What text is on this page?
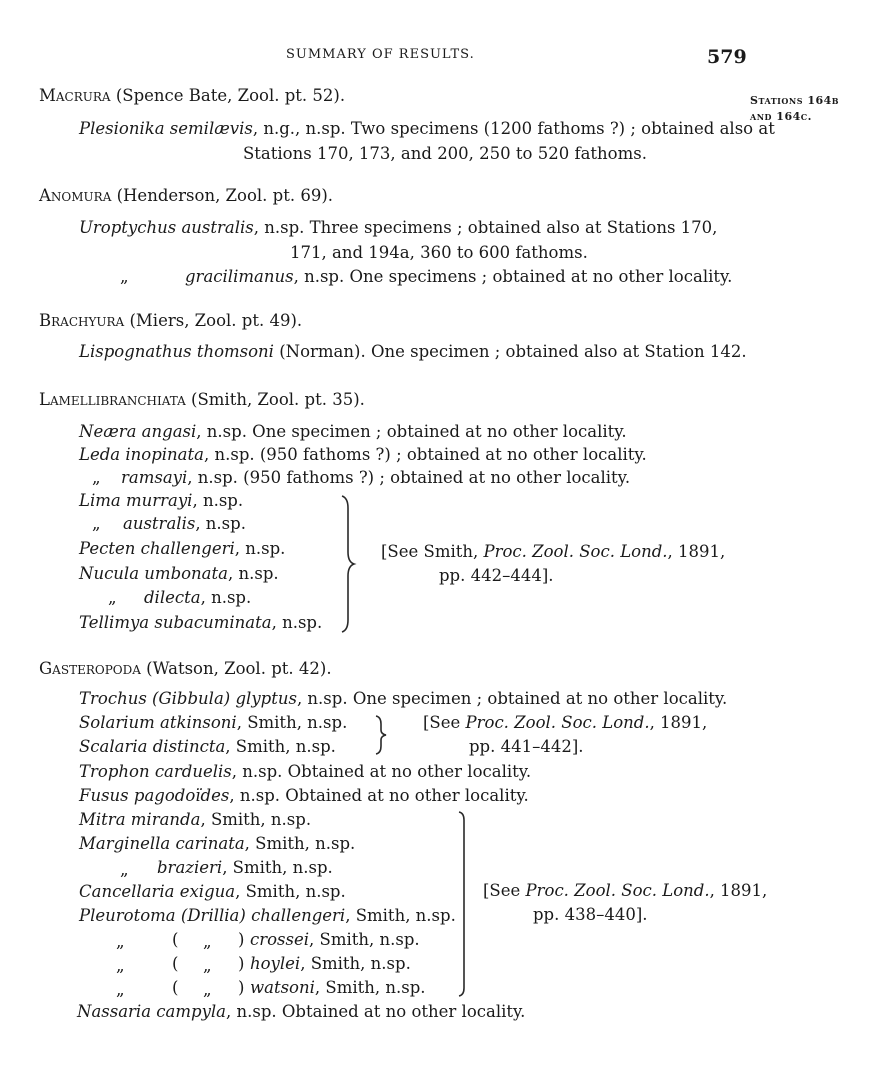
SUMMARY OF RESULTS.	579
Stations 164b
and 164c.
Macrura (Spence Bate, Zool. pt. 52).
Plesionika semilævis, n.g., n.sp. Two specimens (1200 fathoms ?) ; obtained also at
Stations 170, 173, and 200, 250 to 520 fathoms.
Anomura (Henderson, Zool. pt. 69).
Uroptychus australis, n.sp. Three specimens ; obtained also at Stations 170,
171, and 194a, 360 to 600 fathoms.
„	gracilimanus, n.sp. One specimens ; obtained at no other locality.
Brachyura (Miers, Zool. pt. 49).
Lispognathus thomsoni (Norman). One specimen ; obtained also at Station 142.
Lamellibranchiata (Smith, Zool. pt. 35).
Neæra angasi, n.sp. One specimen ; obtained at no other locality.
Leda inopinata, n.sp. (950 fathoms ?) ; obtained at no other locality.
„ ramsayi, n.sp. (950 fathoms ?) ; obtained at no other locality.
Lima murrayi, n.sp.
„ australis, n.sp.
Pecten challengeri, n.sp.
Nucula umbonata, n.sp.
„ dilecta, n.sp.
Tellimya subacuminata, n.sp.
[See Smith, Proc. Zool. Soc. Lond., 1891,
pp. 442–444].
Gasteropoda (Watson, Zool. pt. 42).
Trochus (Gibbula) glyptus, n.sp. One specimen ; obtained at no other locality.
Solarium atkinsoni, Smith, n.sp.
Scalaria distincta, Smith, n.sp.
[See Proc. Zool. Soc. Lond., 1891,
pp. 441–442].
Trophon carduelis, n.sp. Obtained at no other locality.
Fusus pagodoïdes, n.sp. Obtained at no other locality.
Mitra miranda, Smith, n.sp.
Marginella carinata, Smith, n.sp.
„ brazieri, Smith, n.sp.
Cancellaria exigua, Smith, n.sp.
Pleurotoma (Drillia) challengeri, Smith, n.sp.
„	( „ ) crossei, Smith, n.sp.
„	( „ ) hoylei, Smith, n.sp.
„	( „ ) watsoni, Smith, n.sp.
[See Proc. Zool. Soc. Lond., 1891,
pp. 438–440].
Nassaria campyla, n.sp. Obtained at no other locality.
